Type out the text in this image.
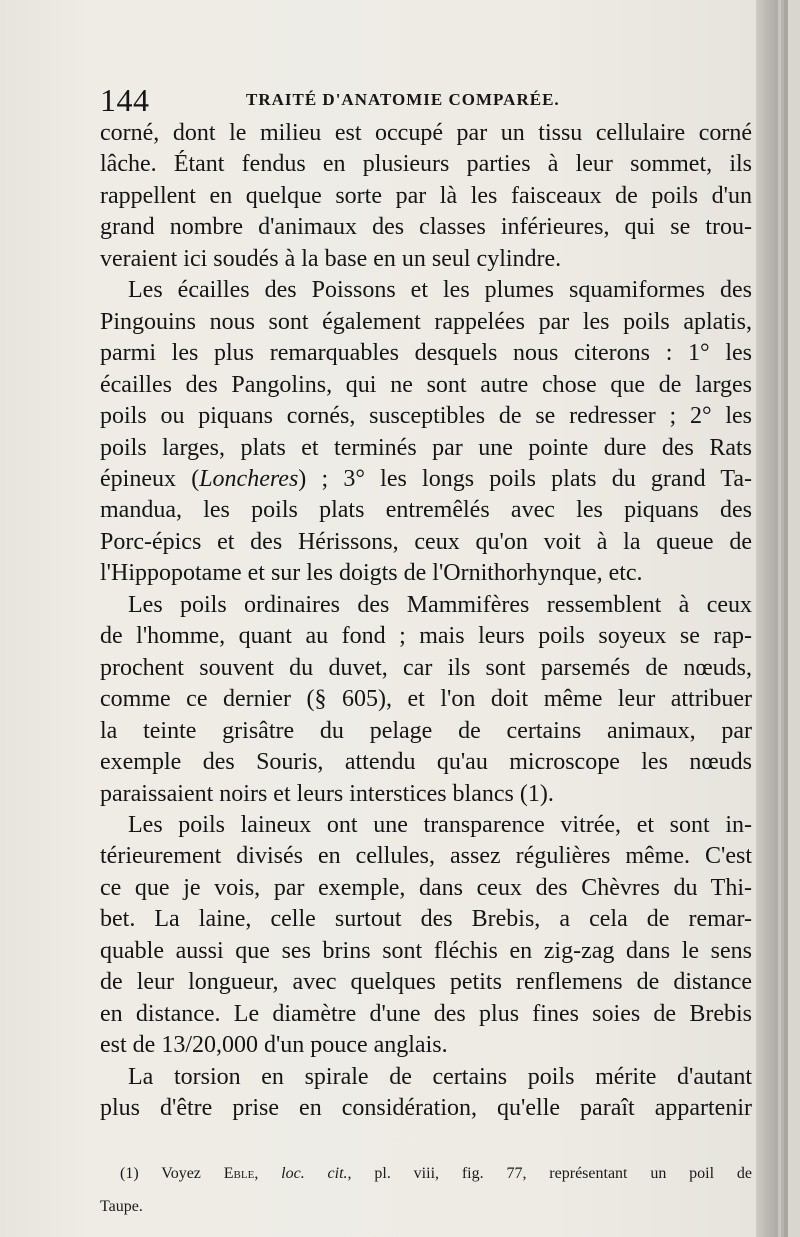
144	TRAITÉ D'ANATOMIE COMPARÉE.

corné, dont le milieu est occupé par un tissu cellulaire corné
lâche. Étant fendus en plusieurs parties à leur sommet, ils
rappellent en quelque sorte par là les faisceaux de poils d'un
grand nombre d'animaux des classes inférieures, qui se trou-
veraient ici soudés à la base en un seul cylindre.

Les écailles des Poissons et les plumes squamiformes des
Pingouins nous sont également rappelées par les poils aplatis,
parmi les plus remarquables desquels nous citerons : 1° les
écailles des Pangolins, qui ne sont autre chose que de larges
poils ou piquans cornés, susceptibles de se redresser ; 2° les
poils larges, plats et terminés par une pointe dure des Rats
épineux (Loncheres) ; 3° les longs poils plats du grand Ta-
mandua, les poils plats entremêlés avec les piquans des
Porc-épics et des Hérissons, ceux qu'on voit à la queue de
l'Hippopotame et sur les doigts de l'Ornithorhynque, etc.

Les poils ordinaires des Mammifères ressemblent à ceux
de l'homme, quant au fond ; mais leurs poils soyeux se rap-
prochent souvent du duvet, car ils sont parsemés de nœuds,
comme ce dernier (§ 605), et l'on doit même leur attribuer
la teinte grisâtre du pelage de certains animaux, par
exemple des Souris, attendu qu'au microscope les nœuds
paraissaient noirs et leurs interstices blancs (1).

Les poils laineux ont une transparence vitrée, et sont in-
térieurement divisés en cellules, assez régulières même. C'est
ce que je vois, par exemple, dans ceux des Chèvres du Thi-
bet. La laine, celle surtout des Brebis, a cela de remar-
quable aussi que ses brins sont fléchis en zig-zag dans le sens
de leur longueur, avec quelques petits renflemens de distance
en distance. Le diamètre d'une des plus fines soies de Brebis
est de 13/20,000 d'un pouce anglais.

La torsion en spirale de certains poils mérite d'autant
plus d'être prise en considération, qu'elle paraît appartenir

(1) Voyez Eble, loc. cit., pl. viii, fig. 77, représentant un poil de
Taupe.
